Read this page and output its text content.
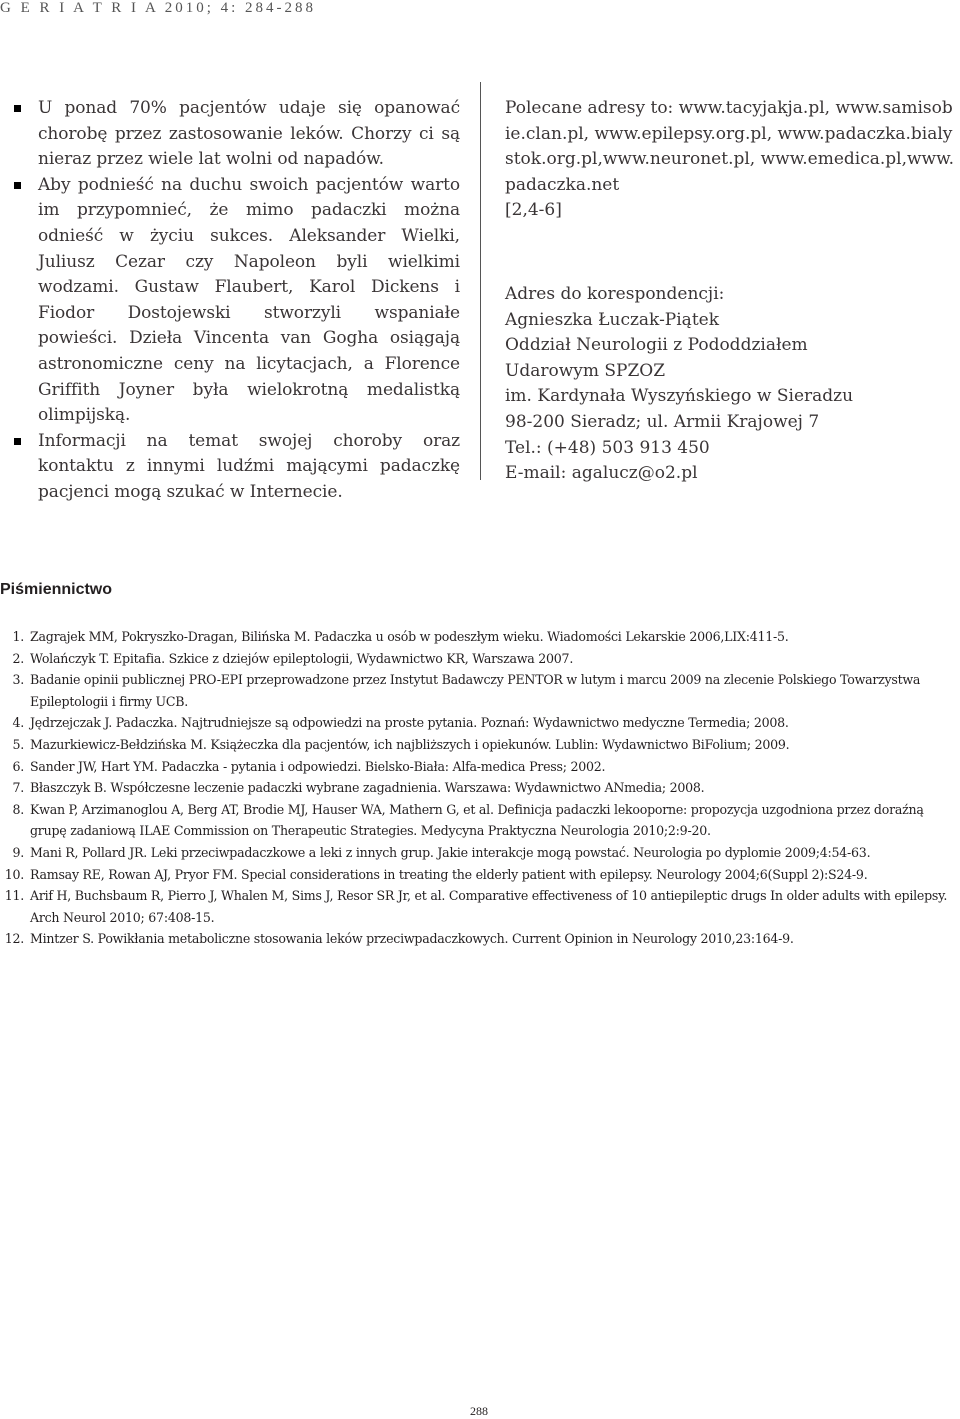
G E R I A T R I A 2010; 4: 284-288
U ponad 70% pacjentów udaje się opanować chorobę przez zastosowanie leków. Chorzy ci są nieraz przez wiele lat wolni od napadów.
Aby podnieść na duchu swoich pacjentów warto im przypomnieć, że mimo padaczki można odnieść w życiu sukces. Aleksander Wielki, Juliusz Cezar czy Napoleon byli wielkimi wodzami. Gustaw Flaubert, Karol Dickens i Fiodor Dostojewski stworzyli wspaniałe powieści. Dzieła Vincenta van Gogha osiągają astronomiczne ceny na licytacjach, a Florence Griffith Joyner była wielokrotną medalistką olimpijską.
Informacji na temat swojej choroby oraz kontaktu z innymi ludźmi mającymi padaczkę pacjenci mogą szukać w Internecie.

Polecane adresy to: www.tacyjakja.pl, www.samisobie.clan.pl, www.epilepsy.org.pl, www.padaczka.bialystok.org.pl,www.neuronet.pl, www.emedica.pl,www.padaczka.net

[2,4-6]

Adres do korespondencji:

Agnieszka Łuczak-Piątek

Oddział Neurologii z Pododdziałem

Udarowym SPZOZ

im. Kardynała Wyszyńskiego w Sieradzu

98-200 Sieradz; ul. Armii Krajowej 7

Tel.: (+48) 503 913 450

E-mail: agalucz@o2.pl

Piśmiennictwo
1. Zagrajek MM, Pokryszko-Dragan, Bilińska M. Padaczka u osób w podeszłym wieku. Wiadomości Lekarskie 2006,LIX:411-5.
2. Wolańczyk T. Epitafia. Szkice z dziejów epileptologii, Wydawnictwo KR, Warszawa 2007.
3. Badanie opinii publicznej PRO-EPI przeprowadzone przez Instytut Badawczy PENTOR w lutym i marcu 2009 na zlecenie Polskiego Towarzystwa Epileptologii i firmy UCB.
4. Jędrzejczak J. Padaczka. Najtrudniejsze są odpowiedzi na proste pytania. Poznań: Wydawnictwo medyczne Termedia; 2008.
5. Mazurkiewicz-Bełdzińska M. Książeczka dla pacjentów, ich najbliższych i opiekunów. Lublin: Wydawnictwo BiFolium; 2009.
6. Sander JW, Hart YM. Padaczka - pytania i odpowiedzi. Bielsko-Biała: Alfa-medica Press; 2002.
7. Błaszczyk B. Współczesne leczenie padaczki wybrane zagadnienia. Warszawa: Wydawnictwo ANmedia; 2008.
8. Kwan P, Arzimanoglou A, Berg AT, Brodie MJ, Hauser WA, Mathern G, et al. Definicja padaczki lekooporne: propozycja uzgodniona przez doraźną grupę zadaniową ILAE Commission on Therapeutic Strategies. Medycyna Praktyczna Neurologia 2010;2:9-20.
9. Mani R, Pollard JR. Leki przeciwpadaczkowe a leki z innych grup. Jakie interakcje mogą powstać. Neurologia po dyplomie 2009;4:54-63.
10. Ramsay RE, Rowan AJ, Pryor FM. Special considerations in treating the elderly patient with epilepsy. Neurology 2004;6(Suppl 2):S24-9.
11. Arif H, Buchsbaum R, Pierro J, Whalen M, Sims J, Resor SR Jr, et al. Comparative effectiveness of 10 antiepileptic drugs In older adults with epilepsy. Arch Neurol 2010; 67:408-15.
12. Mintzer S. Powikłania metaboliczne stosowania leków przeciwpadaczkowych. Current Opinion in Neurology 2010,23:164-9.
288
